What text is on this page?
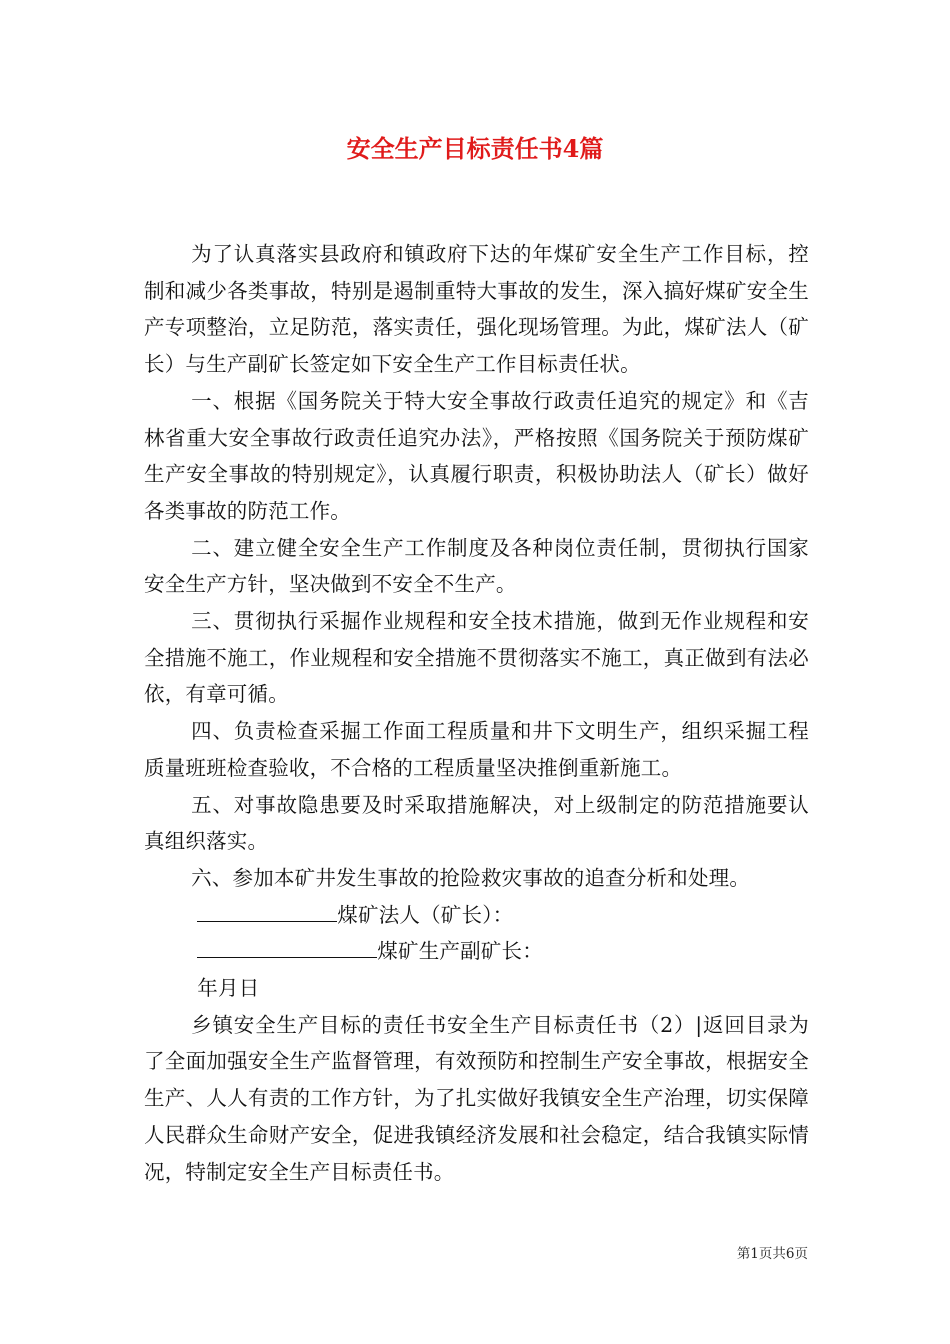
安全生产目标责任书4篇

为了认真落实县政府和镇政府下达的年煤矿安全生产工作目标，控制和减少各类事故，特别是遏制重特大事故的发生，深入搞好煤矿安全生产专项整治，立足防范，落实责任，强化现场管理。为此，煤矿法人（矿长）与生产副矿长签定如下安全生产工作目标责任状。

一、根据《国务院关于特大安全事故行政责任追究的规定》和《吉林省重大安全事故行政责任追究办法》，严格按照《国务院关于预防煤矿生产安全事故的特别规定》，认真履行职责，积极协助法人（矿长）做好各类事故的防范工作。

二、建立健全安全生产工作制度及各种岗位责任制，贯彻执行国家安全生产方针，坚决做到不安全不生产。

三、贯彻执行采掘作业规程和安全技术措施，做到无作业规程和安全措施不施工，作业规程和安全措施不贯彻落实不施工，真正做到有法必依，有章可循。

四、负责检查采掘工作面工程质量和井下文明生产，组织采掘工程质量班班检查验收，不合格的工程质量坚决推倒重新施工。

五、对事故隐患要及时采取措施解决，对上级制定的防范措施要认真组织落实。

六、参加本矿井发生事故的抢险救灾事故的追查分析和处理。

煤矿法人（矿长）：

煤矿生产副矿长：

年月日

乡镇安全生产目标的责任书安全生产目标责任书（2）|返回目录为了全面加强安全生产监督管理，有效预防和控制生产安全事故，根据安全生产、人人有责的工作方针，为了扎实做好我镇安全生产治理，切实保障人民群众生命财产安全，促进我镇经济发展和社会稳定，结合我镇实际情况，特制定安全生产目标责任书。

第1页共6页
